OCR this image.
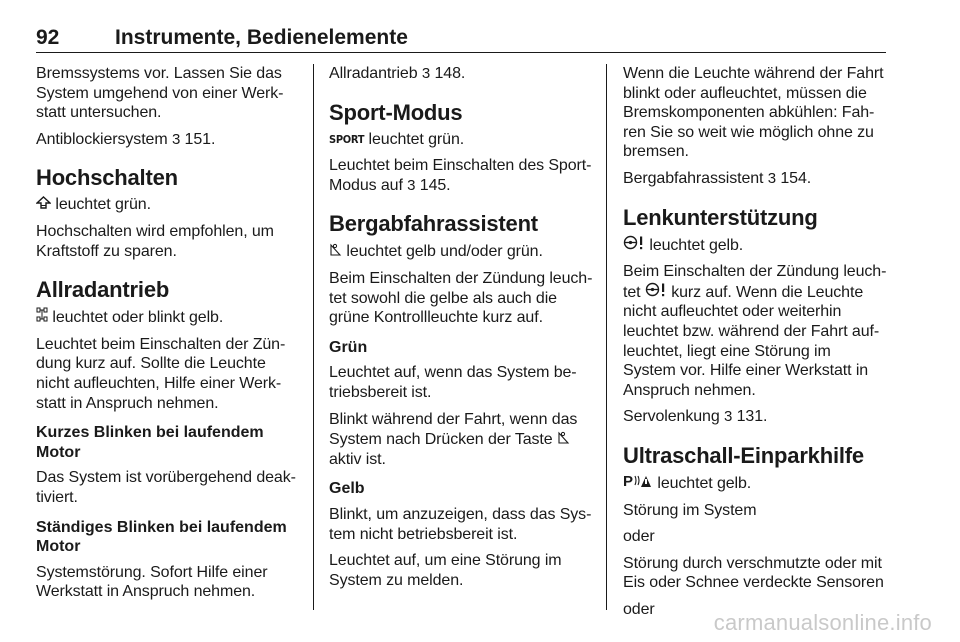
92	Instrumente, Bedienelemente

Bremssystems vor. Lassen Sie das System umgehend von einer Werk-statt untersuchen.

Antiblockiersystem 3 151.

Hochschalten

leuchtet grün.

Hochschalten wird empfohlen, um Kraftstoff zu sparen.

Allradantrieb

leuchtet oder blinkt gelb.

Leuchtet beim Einschalten der Zün-dung kurz auf. Sollte die Leuchte nicht aufleuchten, Hilfe einer Werk-statt in Anspruch nehmen.

Kurzes Blinken bei laufendem Motor

Das System ist vorübergehend deak-tiviert.

Ständiges Blinken bei laufendem Motor

Systemstörung. Sofort Hilfe einer Werkstatt in Anspruch nehmen.

Allradantrieb 3 148.

Sport-Modus

SPORT leuchtet grün.

Leuchtet beim Einschalten des Sport-Modus auf 3 145.

Bergabfahrassistent

leuchtet gelb und/oder grün.

Beim Einschalten der Zündung leuch-tet sowohl die gelbe als auch die grüne Kontrollleuchte kurz auf.

Grün

Leuchtet auf, wenn das System be-triebsbereit ist.

Blinkt während der Fahrt, wenn das System nach Drücken der Taste
aktiv ist.

Gelb

Blinkt, um anzuzeigen, dass das Sys-tem nicht betriebsbereit ist.

Leuchtet auf, um eine Störung im System zu melden.

Wenn die Leuchte während der Fahrt blinkt oder aufleuchtet, müssen die Bremskomponenten abkühlen: Fah-ren Sie so weit wie möglich ohne zu bremsen.

Bergabfahrassistent 3 154.

Lenkunterstützung

leuchtet gelb.

Beim Einschalten der Zündung leuch-tet kurz auf. Wenn die Leuchte nicht aufleuchtet oder weiterhin leuchtet bzw. während der Fahrt auf-leuchtet, liegt eine Störung im System vor. Hilfe einer Werkstatt in Anspruch nehmen.

Servolenkung 3 131.

Ultraschall-Einparkhilfe

P leuchtet gelb.

Störung im System

oder

Störung durch verschmutzte oder mit Eis oder Schnee verdeckte Sensoren

oder

carmanualsonline.info
